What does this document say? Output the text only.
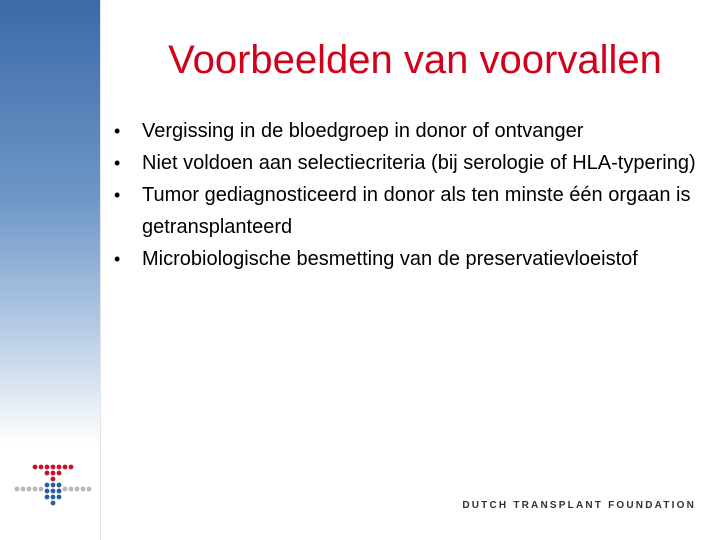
Voorbeelden van voorvallen
• Vergissing in de bloedgroep in donor of ontvanger
• Niet voldoen aan selectiecriteria (bij serologie of HLA-typering)
• Tumor gediagnosticeerd in donor als ten minste één orgaan is getransplanteerd
• Microbiologische besmetting van de preservatievloeistof
DUTCH TRANSPLANT FOUNDATION
